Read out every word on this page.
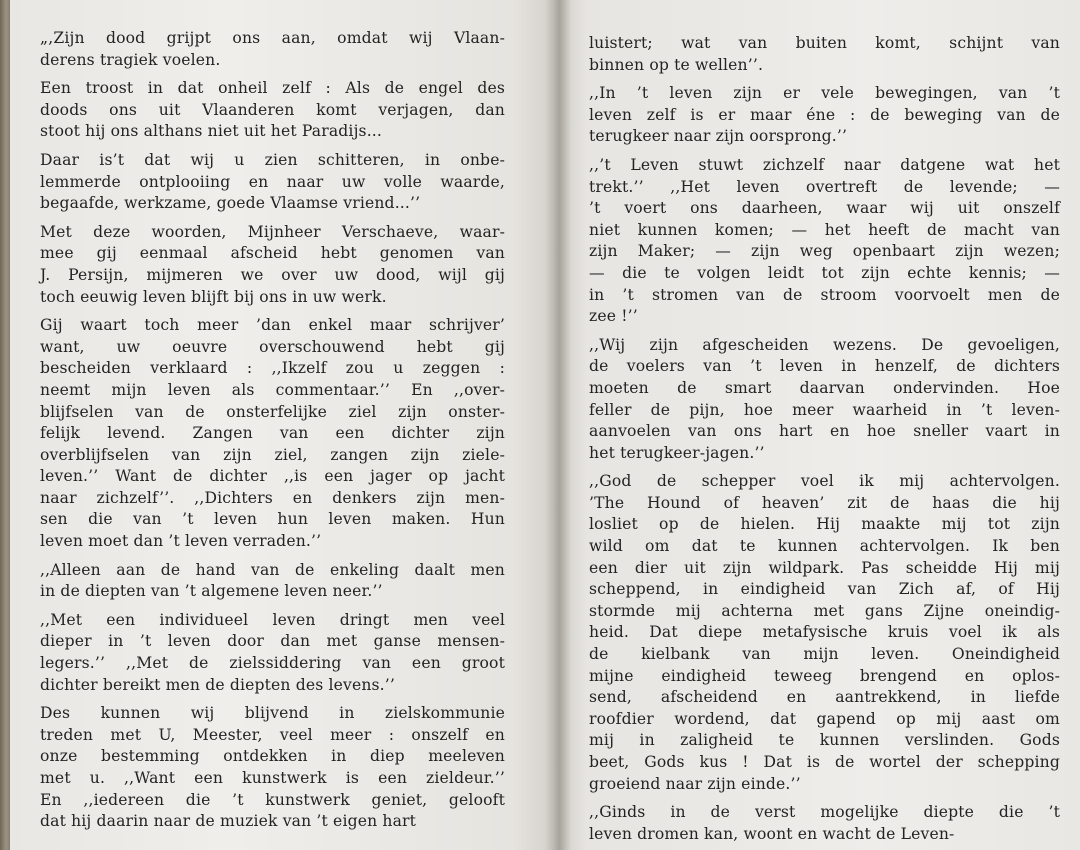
„,Zijn dood grijpt ons aan, omdat wij Vlaan-
derens tragiek voelen.
Een troost in dat onheil zelf : Als de engel des
doods ons uit Vlaanderen komt verjagen, dan
stoot hij ons althans niet uit het Paradijs...
Daar is’t dat wij u zien schitteren, in onbe-
lemmerde ontplooiing en naar uw volle waarde,
begaafde, werkzame, goede Vlaamse vriend...’’
Met deze woorden, Mijnheer Verschaeve, waar-
mee gij eenmaal afscheid hebt genomen van
J. Persijn, mijmeren we over uw dood, wijl gij
toch eeuwig leven blijft bij ons in uw werk.
Gij waart toch meer ’dan enkel maar schrijver’
want, uw oeuvre overschouwend hebt gij
bescheiden verklaard : ,,Ikzelf zou u zeggen :
neemt mijn leven als commentaar.’’ En ,,over-
blijfselen van de onsterfelijke ziel zijn onster-
felijk levend. Zangen van een dichter zijn
overblijfselen van zijn ziel, zangen zijn ziele-
leven.’’ Want de dichter ,,is een jager op jacht
naar zichzelf’’. ,,Dichters en denkers zijn men-
sen die van ’t leven hun leven maken. Hun
leven moet dan ’t leven verraden.’’
,,Alleen aan de hand van de enkeling daalt men
in de diepten van ’t algemene leven neer.’’
,,Met een individueel leven dringt men veel
dieper in ’t leven door dan met ganse mensen-
legers.’’ ,,Met de zielssiddering van een groot
dichter bereikt men de diepten des levens.’’
Des kunnen wij blijvend in zielskommunie
treden met U, Meester, veel meer : onszelf en
onze bestemming ontdekken in diep meeleven
met u. ,,Want een kunstwerk is een zieldeur.’’
En ,,iedereen die ’t kunstwerk geniet, gelooft
dat hij daarin naar de muziek van ’t eigen hart
luistert; wat van buiten komt, schijnt van
binnen op te wellen’’.
,,In ’t leven zijn er vele bewegingen, van ’t
leven zelf is er maar éne : de beweging van de
terugkeer naar zijn oorsprong.’’
,,’t Leven stuwt zichzelf naar datgene wat het
trekt.’’ ,,Het leven overtreft de levende; —
’t voert ons daarheen, waar wij uit onszelf
niet kunnen komen; — het heeft de macht van
zijn Maker; — zijn weg openbaart zijn wezen;
— die te volgen leidt tot zijn echte kennis; —
in ’t stromen van de stroom voorvoelt men de
zee !’’
,,Wij zijn afgescheiden wezens. De gevoeligen,
de voelers van ’t leven in henzelf, de dichters
moeten de smart daarvan ondervinden. Hoe
feller de pijn, hoe meer waarheid in ’t leven-
aanvoelen van ons hart en hoe sneller vaart in
het terugkeer-jagen.’’
,,God de schepper voel ik mij achtervolgen.
’The Hound of heaven’ zit de haas die hij
losliet op de hielen. Hij maakte mij tot zijn
wild om dat te kunnen achtervolgen. Ik ben
een dier uit zijn wildpark. Pas scheidde Hij mij
scheppend, in eindigheid van Zich af, of Hij
stormde mij achterna met gans Zijne oneindig-
heid. Dat diepe metafysische kruis voel ik als
de kielbank van mijn leven. Oneindigheid
mijne eindigheid teweeg brengend en oplos-
send, afscheidend en aantrekkend, in liefde
roofdier wordend, dat gapend op mij aast om
mij in zaligheid te kunnen verslinden. Gods
beet, Gods kus ! Dat is de wortel der schepping
groeiend naar zijn einde.’’
,,Ginds in de verst mogelijke diepte die ’t
leven dromen kan, woont en wacht de Leven-
